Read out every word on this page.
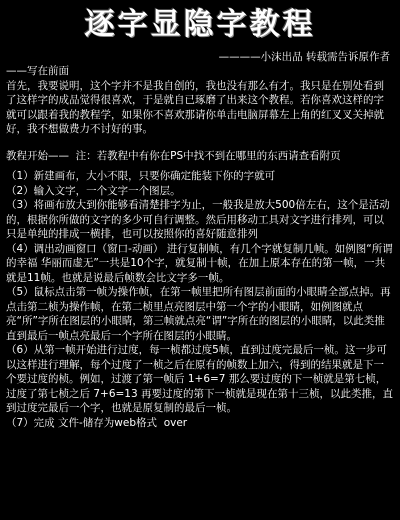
逐字显隐字教程

————小沫出品 转载需告诉原作者

——写在前面

首先，我要说明，这个字并不是我自创的，我也没有那么有才。我只是在别处看到了这样字的成品觉得很喜欢，于是就自已琢磨了出来这个教程。若你喜欢这样的字就可以跟着我的教程学，如果你不喜欢那请你单击电脑屏幕左上角的红叉叉关掉就好，我不想做费力不讨好的事。

教程开始——  注：若教程中有你在PS中找不到在哪里的东西请查看附页

（1）新建画布，大小不限，只要你确定能装下你的字就可

（2）输入文字，一个文字一个图层。

（3）将画布放大到你能够看清楚排字为止，一般我是放大500倍左右，这个是活动的，根据你所做的文字的多少可自行调整。然后用移动工具对文字进行排列，可以只是单纯的排成一横排，也可以按照你的喜好随意排列

（4）调出动画窗口（窗口-动画） 进行复制帧，有几个字就复制几帧。如例图“所谓的幸福 华丽而虚无”一共是10个字，就复制十帧，在加上原本存在的第一帧，一共就是11帧。也就是说最后帧数会比文字多一帧。

（5）鼠标点击第一帧为操作帧，在第一帧里把所有图层前面的小眼睛全部点掉。再点击第二桢为操作帧，在第二桢里点亮图层中第一个字的小眼睛，如例图就点亮“所”字所在图层的小眼睛，第三帧就点亮“谓”字所在的图层的小眼睛，以此类推直到最后一帧点亮最后一个字所在图层的小眼睛。

（6）从第一帧开始进行过度，每一桢都过度5帧，直到过度完最后一桢。这一步可以这样进行理解，每个过度了一桢之后在原有的帧数上加六，得到的结果就是下一个要过度的桢。例如，过渡了第一帧后 1+6=7 那么要过度的下一桢就是第七桢，过度了第七桢之后 7+6=13 再要过度的第下一桢就是现在第十三桢，以此类推，直到过度完最后一个字，也就是原复制的最后一桢。

（7）完成 文件-储存为web格式  over
